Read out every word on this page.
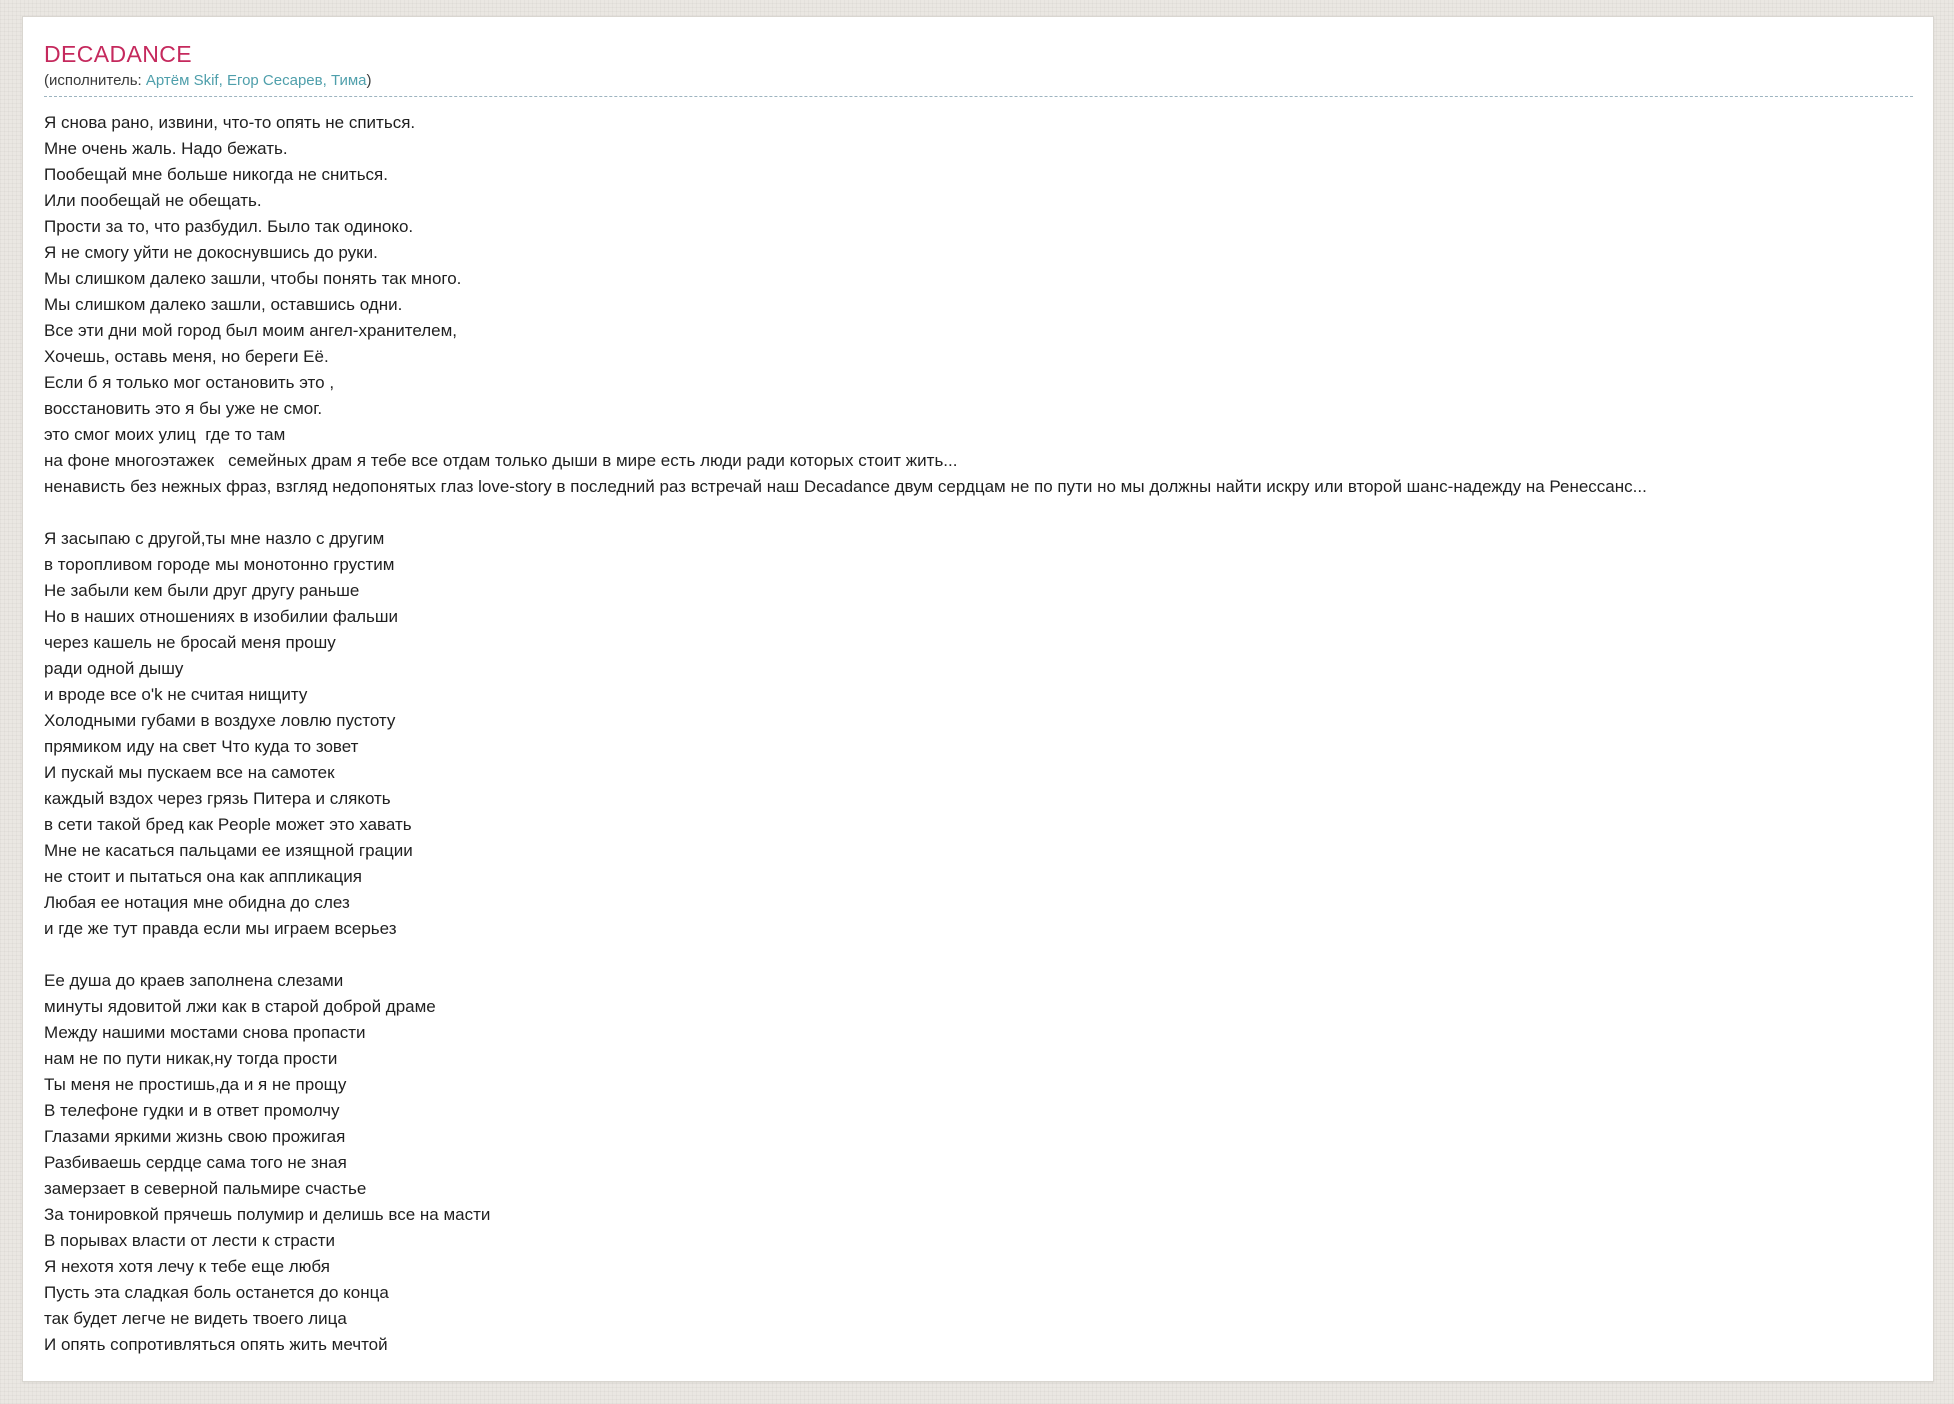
DECADANCE
(исполнитель: Артём Skif, Егор Сесарев, Тима)
Я снова рано, извини, что-то опять не спиться.
Мне очень жаль. Надо бежать.
Пообещай мне больше никогда не сниться.
Или пообещай не обещать.
Прости за то, что разбудил. Было так одиноко.
Я не смогу уйти не докоснувшись до руки.
Мы слишком далеко зашли, чтобы понять так много.
Мы слишком далеко зашли, оставшись одни.
Все эти дни мой город был моим ангел-хранителем,
Хочешь, оставь меня, но береги Её.
Если б я только мог остановить это ,
восстановить это я бы уже не смог.
это смог моих улиц  где то там
на фоне многоэтажек   семейных драм я тебе все отдам только дыши в мире есть люди ради которых стоит жить...
ненависть без нежных фраз, взгляд недопонятых глаз love-story в последний раз встречай наш Decadance двум сердцам не по пути но мы должны найти искру или второй шанс-надежду на Ренессанс...
Я засыпаю с другой,ты мне назло с другим
в торопливом городе мы монотонно грустим
Не забыли кем были друг другу раньше
Но в наших отношениях в изобилии фальши
через кашель не бросай меня прошу
ради одной дышу
и вроде все o'k не считая нищиту
Холодными губами в воздухе ловлю пустоту
прямиком иду на свет Что куда то зовет
И пускай мы пускаем все на самотек
каждый вздох через грязь Питера и слякоть
в сети такой бред как People может это хавать
Мне не касаться пальцами ее изящной грации
не стоит и пытаться она как аппликация
Любая ее нотация мне обидна до слез
и где же тут правда если мы играем всерьез
Ее душа до краев заполнена слезами
минуты ядовитой лжи как в старой доброй драме
Между нашими мостами снова пропасти
нам не по пути никак,ну тогда прости
Ты меня не простишь,да и я не прощу
В телефоне гудки и в ответ промолчу
Глазами яркими жизнь свою прожигая
Разбиваешь сердце сама того не зная
замерзает в северной пальмире счастье
За тонировкой прячешь полумир и делишь все на масти
В порывах власти от лести к страсти
Я нехотя хотя лечу к тебе еще любя
Пусть эта сладкая боль останется до конца
так будет легче не видеть твоего лица
И опять сопротивляться опять жить мечтой
